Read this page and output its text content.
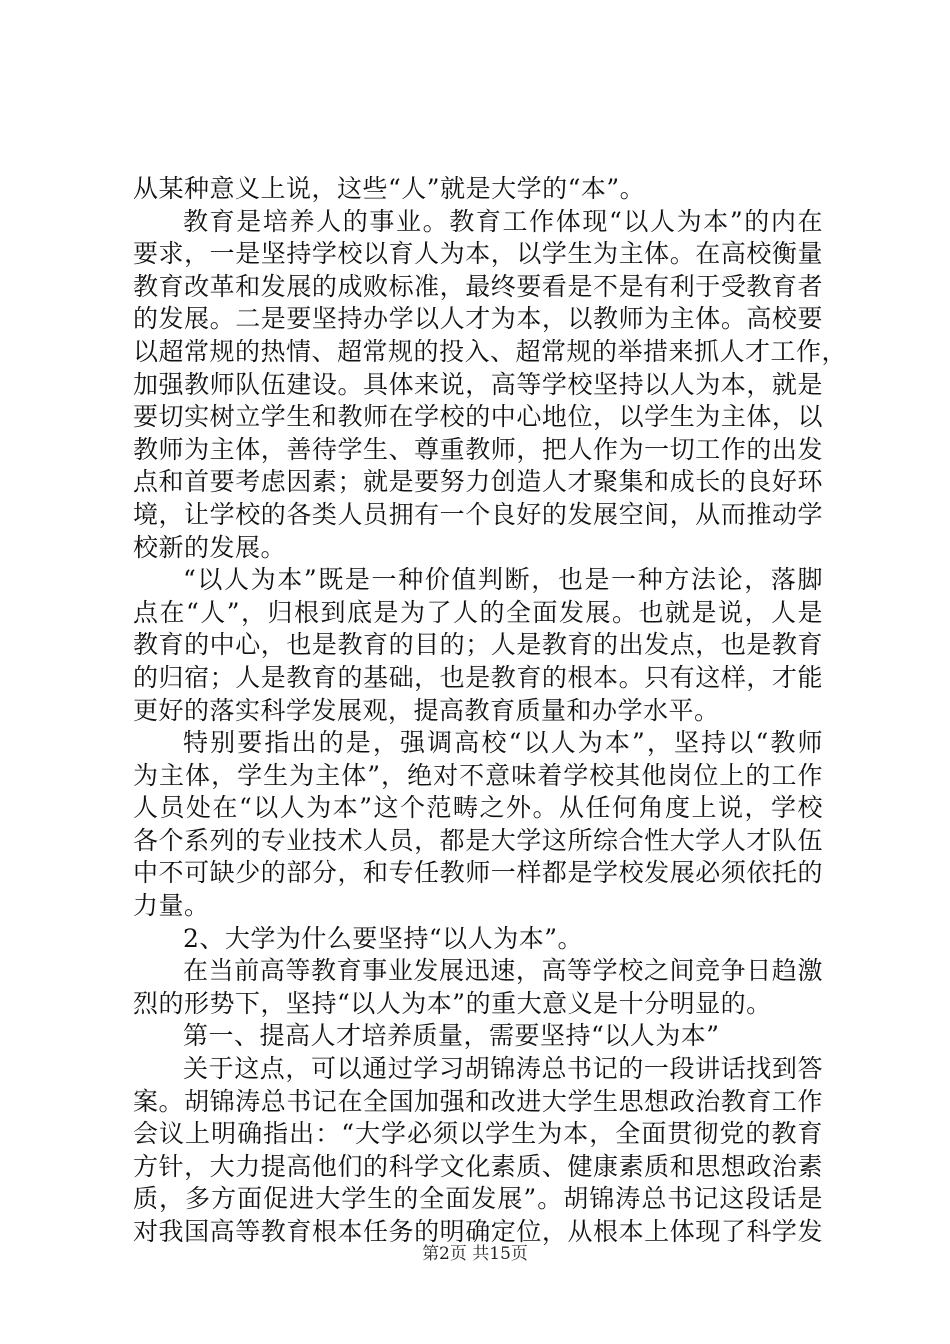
从某种意义上说，这些“人”就是大学的“本”。
教育是培养人的事业。教育工作体现“以人为本”的内在
要求，一是坚持学校以育人为本，以学生为主体。在高校衡量
教育改革和发展的成败标准，最终要看是不是有利于受教育者
的发展。二是要坚持办学以人才为本，以教师为主体。高校要
以超常规的热情、超常规的投入、超常规的举措来抓人才工作，
加强教师队伍建设。具体来说，高等学校坚持以人为本，就是
要切实树立学生和教师在学校的中心地位，以学生为主体，以
教师为主体，善待学生、尊重教师，把人作为一切工作的出发
点和首要考虑因素；就是要努力创造人才聚集和成长的良好环
境，让学校的各类人员拥有一个良好的发展空间，从而推动学
校新的发展。
“以人为本”既是一种价值判断，也是一种方法论，落脚
点在“人”，归根到底是为了人的全面发展。也就是说，人是
教育的中心，也是教育的目的；人是教育的出发点，也是教育
的归宿；人是教育的基础，也是教育的根本。只有这样，才能
更好的落实科学发展观，提高教育质量和办学水平。
特别要指出的是，强调高校“以人为本”，坚持以“教师
为主体，学生为主体”，绝对不意味着学校其他岗位上的工作
人员处在“以人为本”这个范畴之外。从任何角度上说，学校
各个系列的专业技术人员，都是大学这所综合性大学人才队伍
中不可缺少的部分，和专任教师一样都是学校发展必须依托的
力量。
2、大学为什么要坚持“以人为本”。
在当前高等教育事业发展迅速，高等学校之间竞争日趋激
烈的形势下，坚持“以人为本”的重大意义是十分明显的。
第一、提高人才培养质量，需要坚持“以人为本”
关于这点，可以通过学习胡锦涛总书记的一段讲话找到答
案。胡锦涛总书记在全国加强和改进大学生思想政治教育工作
会议上明确指出：“大学必须以学生为本，全面贯彻党的教育
方针，大力提高他们的科学文化素质、健康素质和思想政治素
质，多方面促进大学生的全面发展”。胡锦涛总书记这段话是
对我国高等教育根本任务的明确定位，从根本上体现了科学发
第2页 共15页
